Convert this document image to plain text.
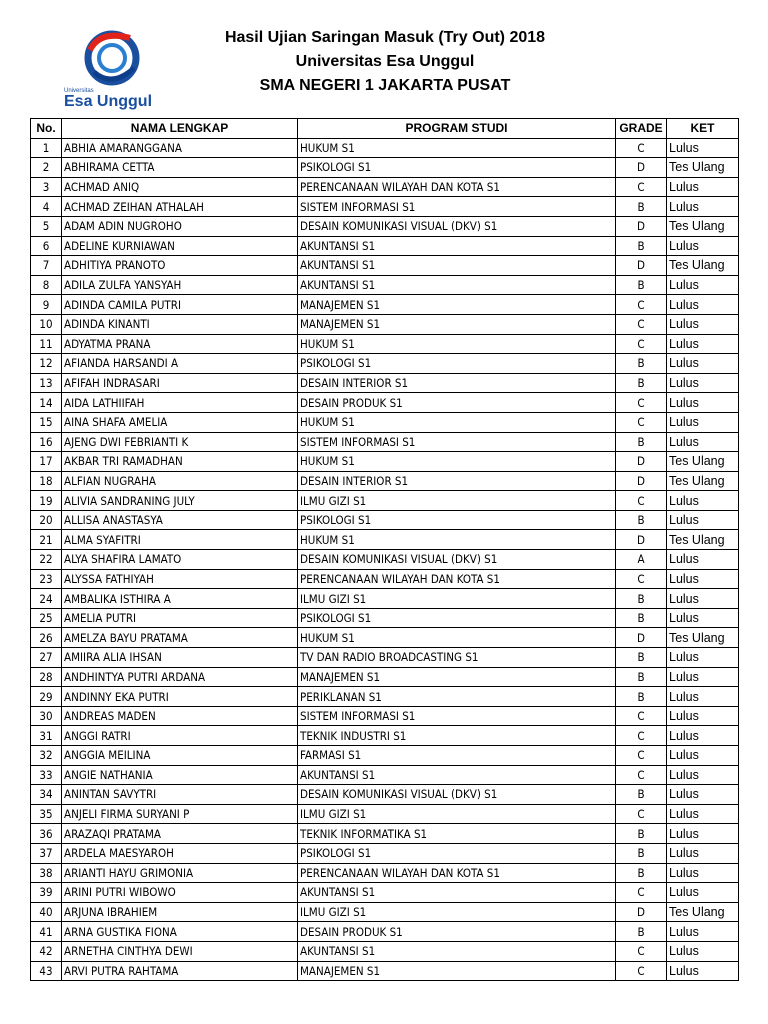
Universitas
Esa Unggul
Hasil Ujian Saringan Masuk (Try Out) 2018
Universitas Esa Unggul
SMA NEGERI 1 JAKARTA PUSAT
No.	NAMA LENGKAP	PROGRAM STUDI	GRADE	KET
1	ABHIA AMARANGGANA	HUKUM S1	C	Lulus
2	ABHIRAMA CETTA	PSIKOLOGI S1	D	Tes Ulang
3	ACHMAD ANIQ	PERENCANAAN WILAYAH DAN KOTA S1	C	Lulus
4	ACHMAD ZEIHAN ATHALAH	SISTEM INFORMASI S1	B	Lulus
5	ADAM ADIN NUGROHO	DESAIN KOMUNIKASI VISUAL (DKV) S1	D	Tes Ulang
6	ADELINE KURNIAWAN	AKUNTANSI S1	B	Lulus
7	ADHITIYA PRANOTO	AKUNTANSI S1	D	Tes Ulang
8	ADILA ZULFA YANSYAH	AKUNTANSI S1	B	Lulus
9	ADINDA CAMILA PUTRI	MANAJEMEN S1	C	Lulus
10	ADINDA KINANTI	MANAJEMEN S1	C	Lulus
11	ADYATMA PRANA	HUKUM S1	C	Lulus
12	AFIANDA HARSANDI A	PSIKOLOGI S1	B	Lulus
13	AFIFAH INDRASARI	DESAIN INTERIOR S1	B	Lulus
14	AIDA LATHIIFAH	DESAIN PRODUK S1	C	Lulus
15	AINA SHAFA AMELIA	HUKUM S1	C	Lulus
16	AJENG DWI FEBRIANTI K	SISTEM INFORMASI S1	B	Lulus
17	AKBAR TRI RAMADHAN	HUKUM S1	D	Tes Ulang
18	ALFIAN NUGRAHA	DESAIN INTERIOR S1	D	Tes Ulang
19	ALIVIA SANDRANING JULY	ILMU GIZI S1	C	Lulus
20	ALLISA ANASTASYA	PSIKOLOGI S1	B	Lulus
21	ALMA SYAFITRI	HUKUM S1	D	Tes Ulang
22	ALYA SHAFIRA LAMATO	DESAIN KOMUNIKASI VISUAL (DKV) S1	A	Lulus
23	ALYSSA FATHIYAH	PERENCANAAN WILAYAH DAN KOTA S1	C	Lulus
24	AMBALIKA ISTHIRA A	ILMU GIZI S1	B	Lulus
25	AMELIA PUTRI	PSIKOLOGI S1	B	Lulus
26	AMELZA BAYU PRATAMA	HUKUM S1	D	Tes Ulang
27	AMIIRA ALIA IHSAN	TV DAN RADIO BROADCASTING S1	B	Lulus
28	ANDHINTYA PUTRI ARDANA	MANAJEMEN S1	B	Lulus
29	ANDINNY EKA PUTRI	PERIKLANAN S1	B	Lulus
30	ANDREAS MADEN	SISTEM INFORMASI S1	C	Lulus
31	ANGGI RATRI	TEKNIK INDUSTRI S1	C	Lulus
32	ANGGIA MEILINA	FARMASI S1	C	Lulus
33	ANGIE NATHANIA	AKUNTANSI S1	C	Lulus
34	ANINTAN SAVYTRI	DESAIN KOMUNIKASI VISUAL (DKV) S1	B	Lulus
35	ANJELI FIRMA SURYANI P	ILMU GIZI S1	C	Lulus
36	ARAZAQI PRATAMA	TEKNIK INFORMATIKA S1	B	Lulus
37	ARDELA MAESYAROH	PSIKOLOGI S1	B	Lulus
38	ARIANTI HAYU GRIMONIA	PERENCANAAN WILAYAH DAN KOTA S1	B	Lulus
39	ARINI PUTRI WIBOWO	AKUNTANSI S1	C	Lulus
40	ARJUNA IBRAHIEM	ILMU GIZI S1	D	Tes Ulang
41	ARNA GUSTIKA FIONA	DESAIN PRODUK S1	B	Lulus
42	ARNETHA CINTHYA DEWI	AKUNTANSI S1	C	Lulus
43	ARVI PUTRA RAHTAMA	MANAJEMEN S1	C	Lulus
